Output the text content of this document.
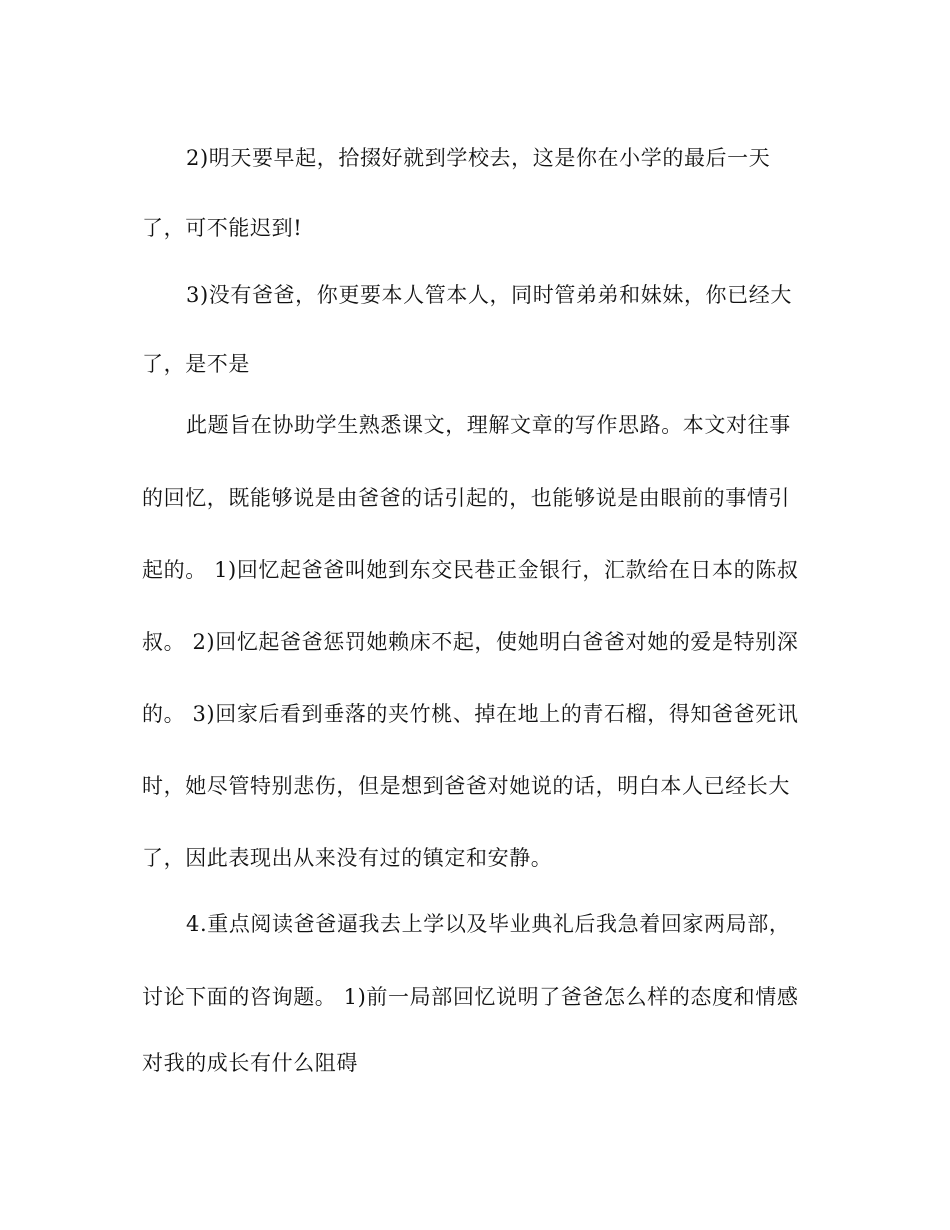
2)明天要早起，拾掇好就到学校去，这是你在小学的最后一天
了，可不能迟到!
3)没有爸爸，你更要本人管本人，同时管弟弟和妹妹，你已经大
了，是不是
此题旨在协助学生熟悉课文，理解文章的写作思路。本文对往事
的回忆，既能够说是由爸爸的话引起的，也能够说是由眼前的事情引
起的。 1)回忆起爸爸叫她到东交民巷正金银行，汇款给在日本的陈叔
叔。 2)回忆起爸爸惩罚她赖床不起，使她明白爸爸对她的爱是特别深
的。 3)回家后看到垂落的夹竹桃、掉在地上的青石榴，得知爸爸死讯
时，她尽管特别悲伤，但是想到爸爸对她说的话，明白本人已经长大
了，因此表现出从来没有过的镇定和安静。
4.重点阅读爸爸逼我去上学以及毕业典礼后我急着回家两局部，
讨论下面的咨询题。 1)前一局部回忆说明了爸爸怎么样的态度和情感
对我的成长有什么阻碍
